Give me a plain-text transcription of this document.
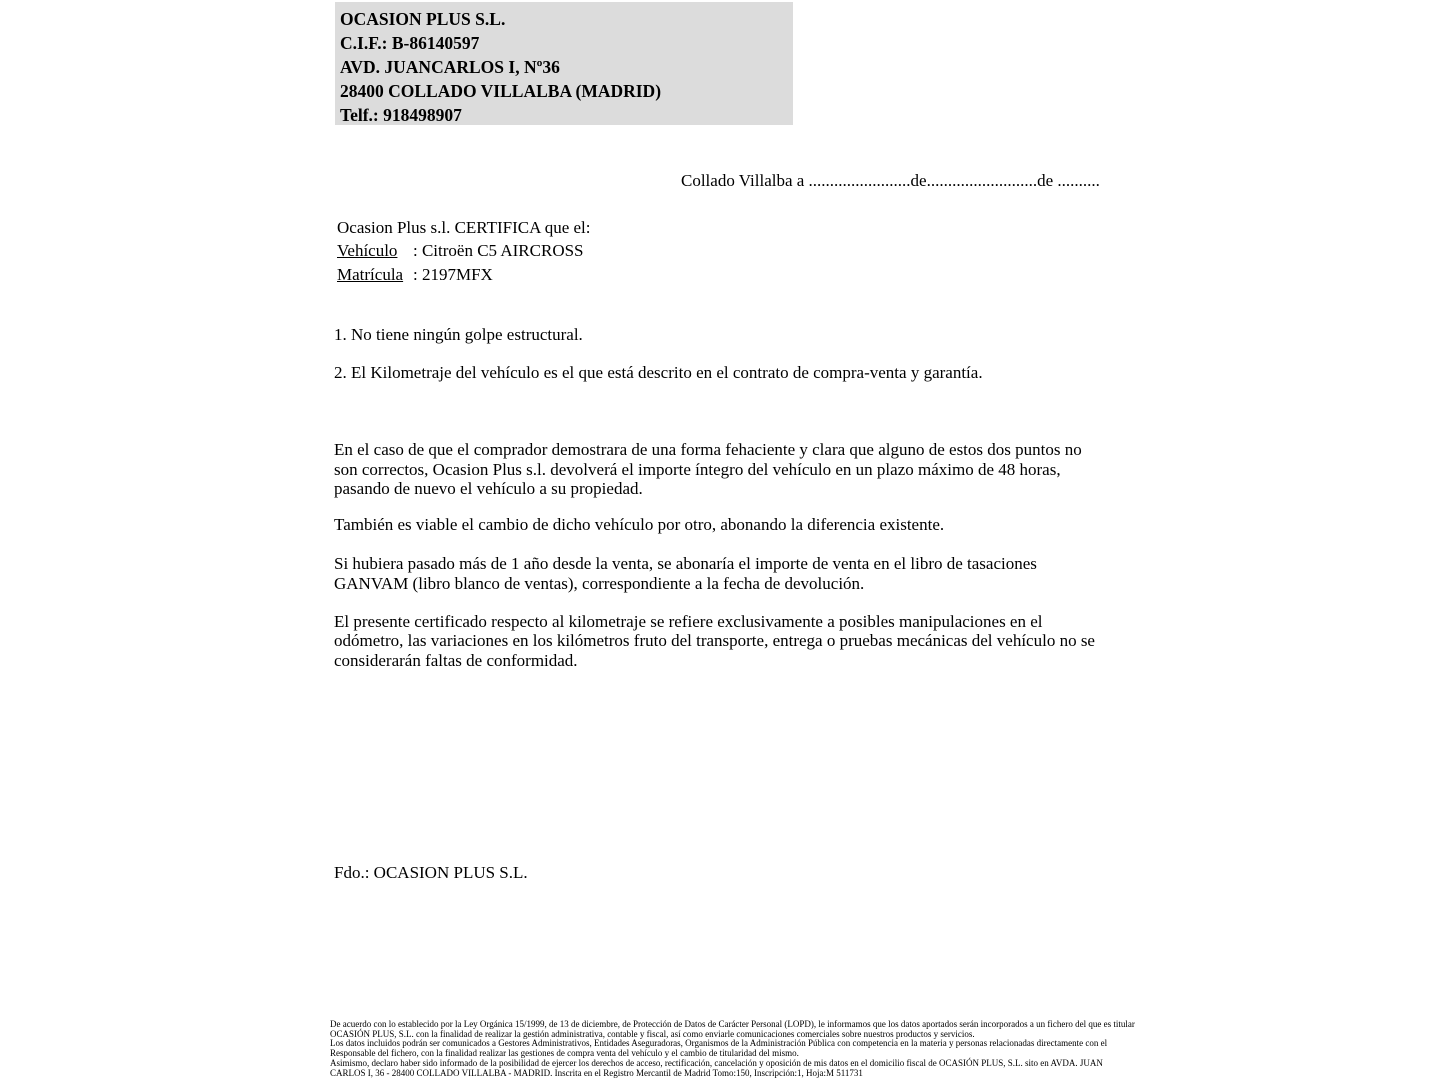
OCASION PLUS S.L.
C.I.F.: B-86140597
AVD. JUANCARLOS I, Nº36
28400 COLLADO VILLALBA (MADRID)
Telf.: 918498907
Collado Villalba a ........................de..........................de ..........
Ocasion Plus s.l. CERTIFICA que el:
Vehículo : Citroën C5 AIRCROSS
Matrícula : 2197MFX

1. No tiene ningún golpe estructural.

2. El Kilometraje del vehículo es el que está descrito en el contrato de compra-venta y garantía.

En el caso de que el comprador demostrara de una forma fehaciente y clara que alguno de estos dos puntos no son correctos, Ocasion Plus s.l. devolverá el importe íntegro del vehículo en un plazo máximo de 48 horas, pasando de nuevo el vehículo a su propiedad.

También es viable el cambio de dicho vehículo por otro, abonando la diferencia existente.

Si hubiera pasado más de 1 año desde la venta, se abonaría el importe de venta en el libro de tasaciones GANVAM (libro blanco de ventas), correspondiente a la fecha de devolución.

El presente certificado respecto al kilometraje se refiere exclusivamente a posibles manipulaciones en el odómetro, las variaciones en los kilómetros fruto del transporte, entrega o pruebas mecánicas del vehículo no se considerarán faltas de conformidad.

Fdo.: OCASION PLUS S.L.
De acuerdo con lo establecido por la Ley Orgánica 15/1999, de 13 de diciembre, de Protección de Datos de Carácter Personal (LOPD), le informamos que los datos aportados serán incorporados a un fichero del que es titular
OCASIÓN PLUS, S.L. con la finalidad de realizar la gestión administrativa, contable y fiscal, así como enviarle comunicaciones comerciales sobre nuestros productos y servicios.
Los datos incluidos podrán ser comunicados a Gestores Administrativos, Entidades Aseguradoras, Organismos de la Administración Pública con competencia en la materia y personas relacionadas directamente con el
Responsable del fichero, con la finalidad realizar las gestiones de compra venta del vehículo y el cambio de titularidad del mismo.
Asimismo, declaro haber sido informado de la posibilidad de ejercer los derechos de acceso, rectificación, cancelación y oposición de mis datos en el domicilio fiscal de OCASIÓN PLUS, S.L. sito en AVDA. JUAN
CARLOS I, 36 - 28400 COLLADO VILLALBA - MADRID. Inscrita en el Registro Mercantil de Madrid Tomo:150, Inscripción:1, Hoja:M 511731
